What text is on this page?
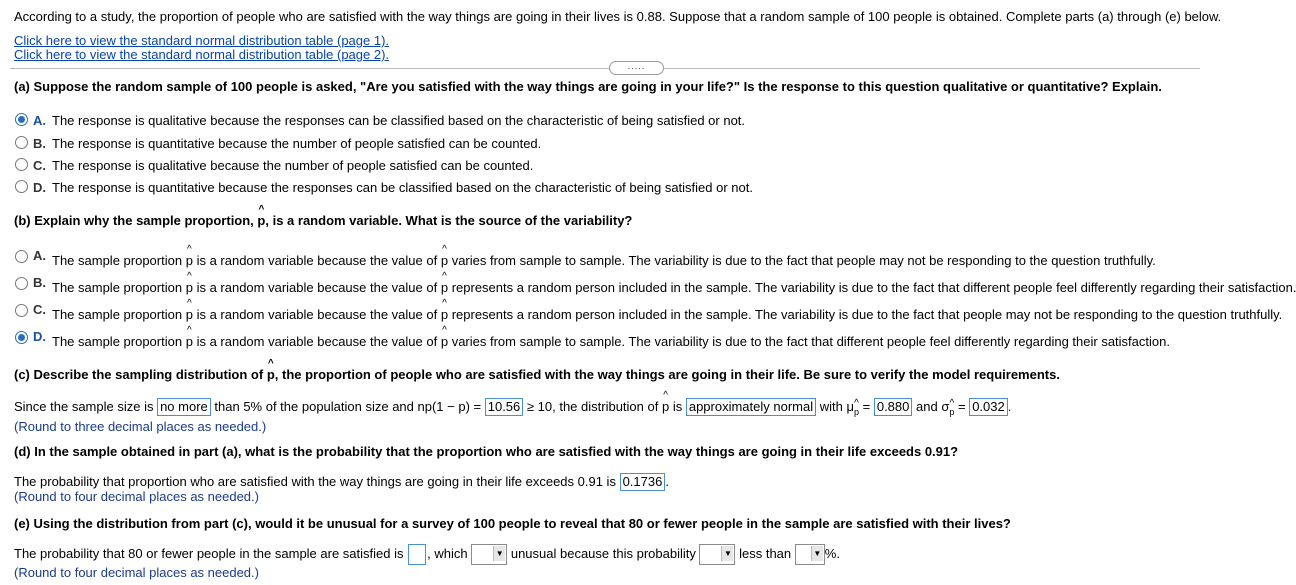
According to a study, the proportion of people who are satisfied with the way things are going in their lives is 0.88. Suppose that a random sample of 100 people is obtained. Complete parts (a) through (e) below.
Click here to view the standard normal distribution table (page 1).
Click here to view the standard normal distribution table (page 2).
.....
(a) Suppose the random sample of 100 people is asked, "Are you satisfied with the way things are going in your life?" Is the response to this question qualitative or quantitative? Explain.
A. The response is qualitative because the responses can be classified based on the characteristic of being satisfied or not.
B. The response is quantitative because the number of people satisfied can be counted.
C. The response is qualitative because the number of people satisfied can be counted.
D. The response is quantitative because the responses can be classified based on the characteristic of being satisfied or not.
(b) Explain why the sample proportion, ^ p, is a random variable. What is the source of the variability?
A. The sample proportion ^ p is a random variable because the value of ^ p varies from sample to sample. The variability is due to the fact that people may not be responding to the question truthfully.
B. The sample proportion ^ p is a random variable because the value of ^ p represents a random person included in the sample. The variability is due to the fact that different people feel differently regarding their satisfaction.
C. The sample proportion ^ p is a random variable because the value of ^ p represents a random person included in the sample. The variability is due to the fact that people may not be responding to the question truthfully.
D. The sample proportion ^ p is a random variable because the value of ^ p varies from sample to sample. The variability is due to the fact that different people feel differently regarding their satisfaction.
(c) Describe the sampling distribution of ^ p, the proportion of people who are satisfied with the way things are going in their life. Be sure to verify the model requirements.
Since the sample size is no more than 5% of the population size and np(1 − p) = 10.56 ≥ 10, the distribution of ^ p is approximately normal with μ^ $_p$ = 0.880 and σ^ $_p$ = 0.032 .
(Round to three decimal places as needed.)
(d) In the sample obtained in part (a), what is the probability that the proportion who are satisfied with the way things are going in their life exceeds 0.91?
The probability that proportion who are satisfied with the way things are going in their life exceeds 0.91 is 0.1736 .
(Round to four decimal places as needed.)
(e) Using the distribution from part (c), would it be unusual for a survey of 100 people to reveal that 80 or fewer people in the sample are satisfied with their lives?
The probability that 80 or fewer people in the sample are satisfied is , which	▼ unusual because this probability	▼ less than	▼ %.
(Round to four decimal places as needed.)
